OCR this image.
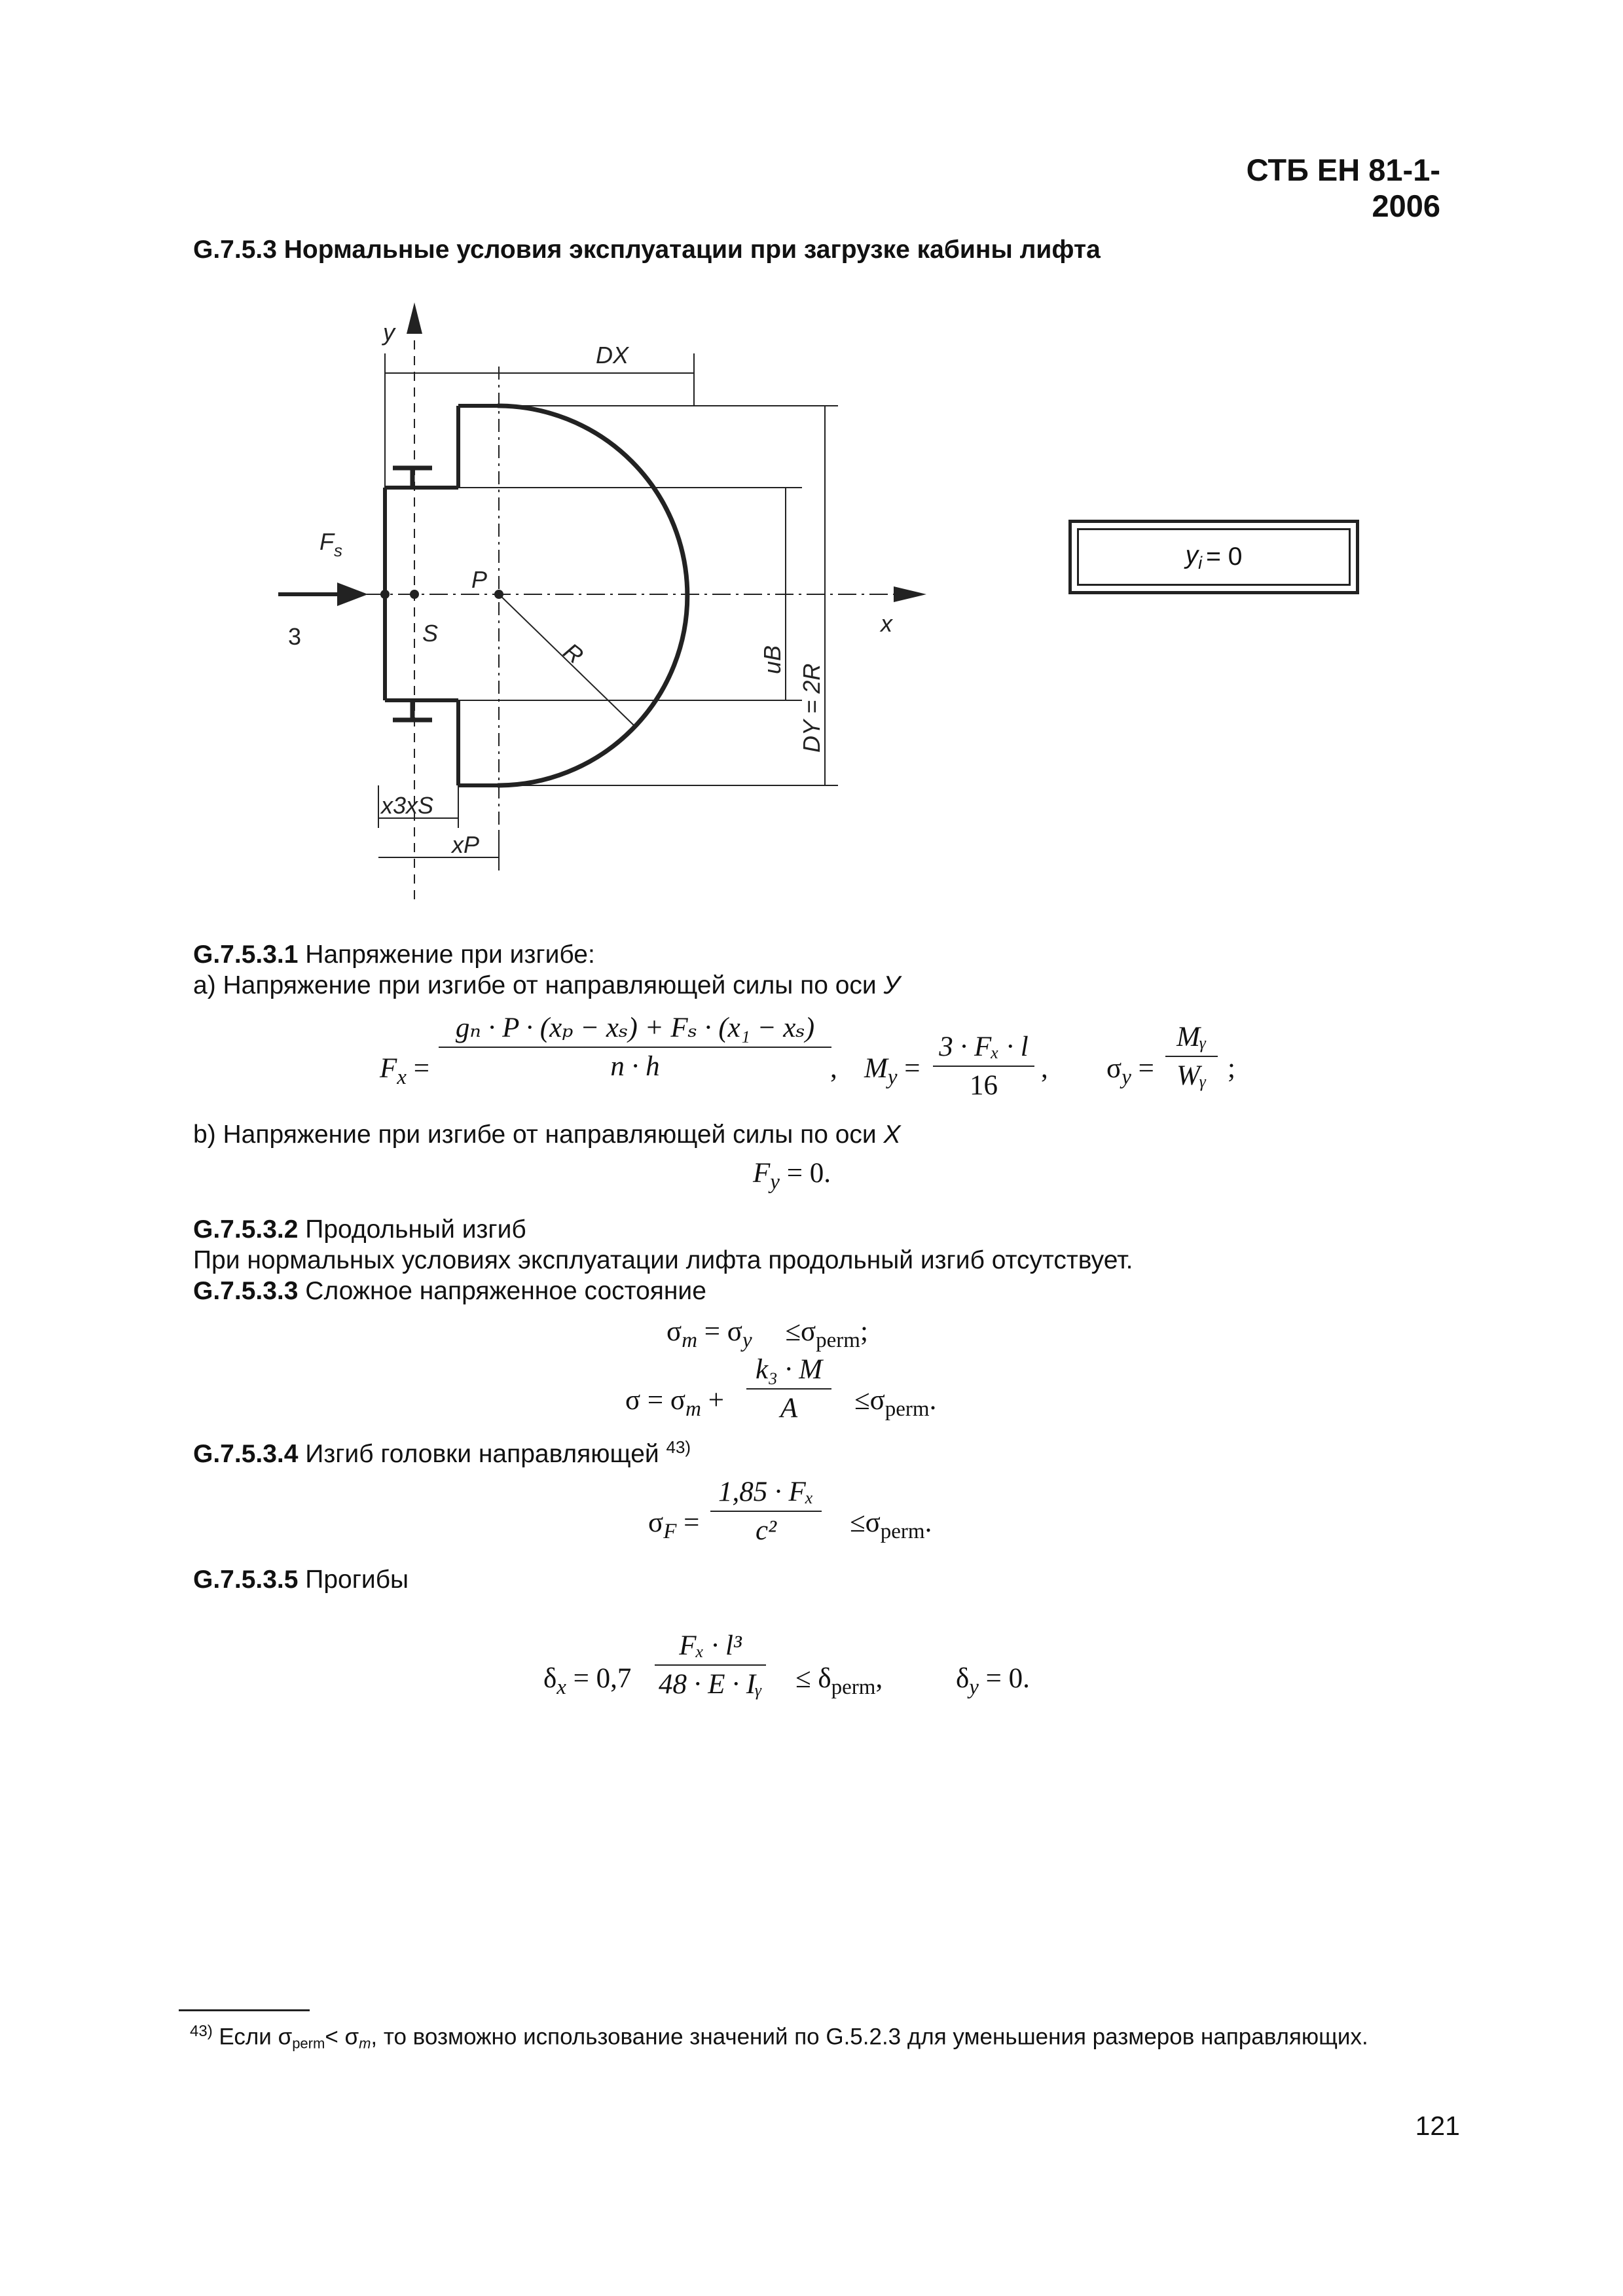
СТБ ЕН 81-1-2006
G.7.5.3 Нормальные условия эксплуатации при загрузке кабины лифта
y
x
DX
$F_s$
P
S
R
3
uB
DY = 2R
x3xS
xP
$y_i = 0$
G.7.5.3.1 Напряжение при изгибе:
a) Напряжение при изгибе от направляющей силы по оси У
$F_x$ =
gₙ · P · (xₚ − xₛ) + Fₛ · (x₁ − xₛ)
n · h	, $M_y$ =
3 · Fₓ · l
16
, $\sigma_y$ =
Mᵧ
Wᵧ ;
b) Напряжение при изгибе от направляющей силы по оси X
$F_y = 0$.
G.7.5.3.2 Продольный изгиб
При нормальных условиях эксплуатации лифта продольный изгиб отсутствует.
G.7.5.3.3 Сложное напряженное состояние
$\sigma_m = \sigma_y \le\sigma_{perm}$;
$\sigma = \sigma_m$ +
k₃ · M
$A \le\sigma_{perm}$.
G.7.5.3.4 Изгиб головки направляющей $^{43)}$
$\sigma_F$ =
1,85 · Fₓ
c²	$\le\sigma_{perm}$.
G.7.5.3.5 Прогибы
$\delta_x = 0,7$
Fₓ · l³
48 · E · Iᵧ ≤ $\delta_{perm}$,	$\delta_y = 0$.
$^{43)}$ Если σperm< σm, то возможно использование значений по G.5.2.3 для уменьшения размеров направляющих.
121
